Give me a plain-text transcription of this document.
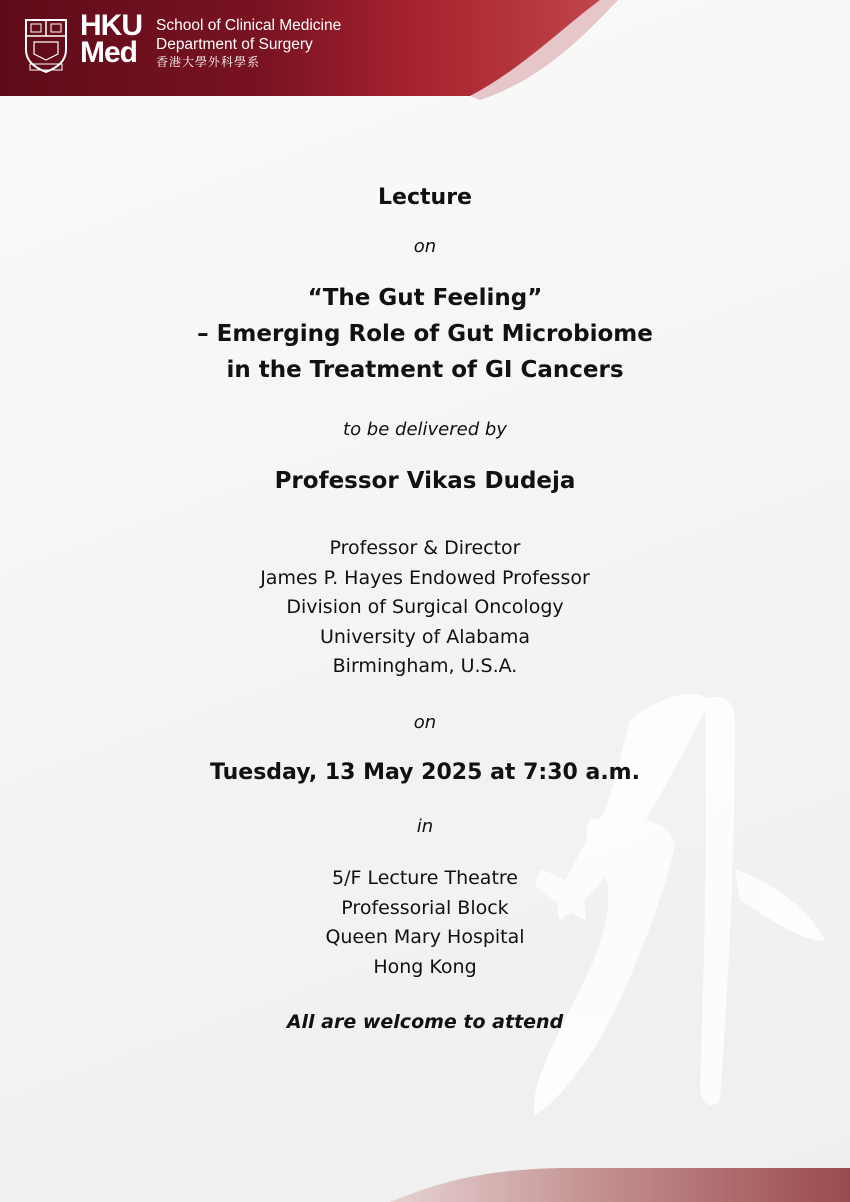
HKU
Med
School of Clinical Medicine
Department of Surgery
香港大學外科學系
Lecture
on
“The Gut Feeling”
– Emerging Role of Gut Microbiome
in the Treatment of GI Cancers
to be delivered by
Professor Vikas Dudeja
Professor & Director
James P. Hayes Endowed Professor
Division of Surgical Oncology
University of Alabama
Birmingham, U.S.A.
on
Tuesday, 13 May 2025 at 7:30 a.m.
in
5/F Lecture Theatre
Professorial Block
Queen Mary Hospital
Hong Kong
All are welcome to attend
